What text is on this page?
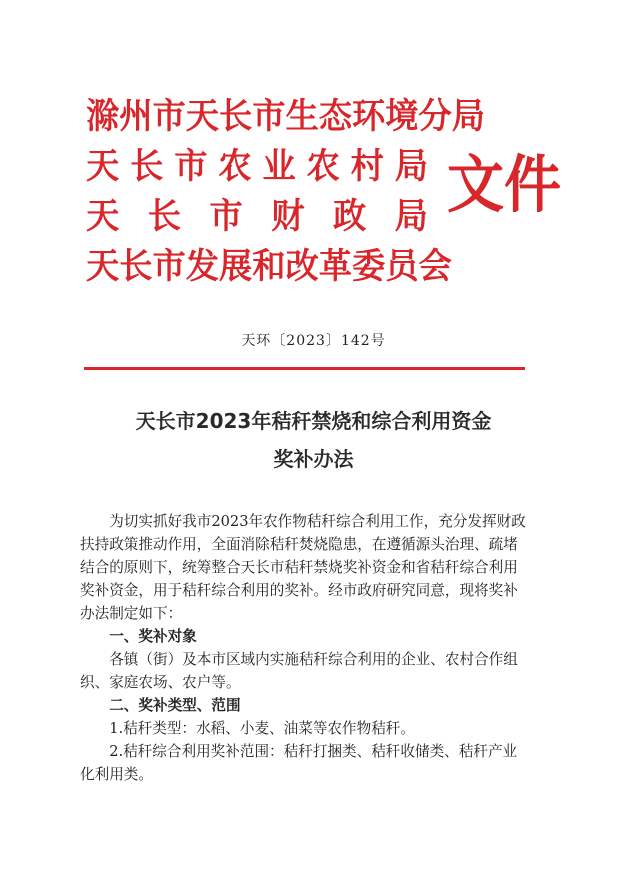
滁州市天长市生态环境分局
天 长 市 农 业 农 村 局
天 长 市 财 政 局
天长市发展和改革委员会
文件
天环〔2023〕142号
天长市2023年秸秆禁烧和综合利用资金
奖补办法

为切实抓好我市2023年农作物秸秆综合利用工作，充分发挥财政扶持政策推动作用，全面消除秸秆焚烧隐患，在遵循源头治理、疏堵结合的原则下，统筹整合天长市秸秆禁烧奖补资金和省秸秆综合利用奖补资金，用于秸秆综合利用的奖补。经市政府研究同意，现将奖补办法制定如下：

一、奖补对象

各镇（街）及本市区域内实施秸秆综合利用的企业、农村合作组织、家庭农场、农户等。

二、奖补类型、范围

1.秸秆类型：水稻、小麦、油菜等农作物秸秆。

2.秸秆综合利用奖补范围：秸秆打捆类、秸秆收储类、秸秆产业化利用类。
